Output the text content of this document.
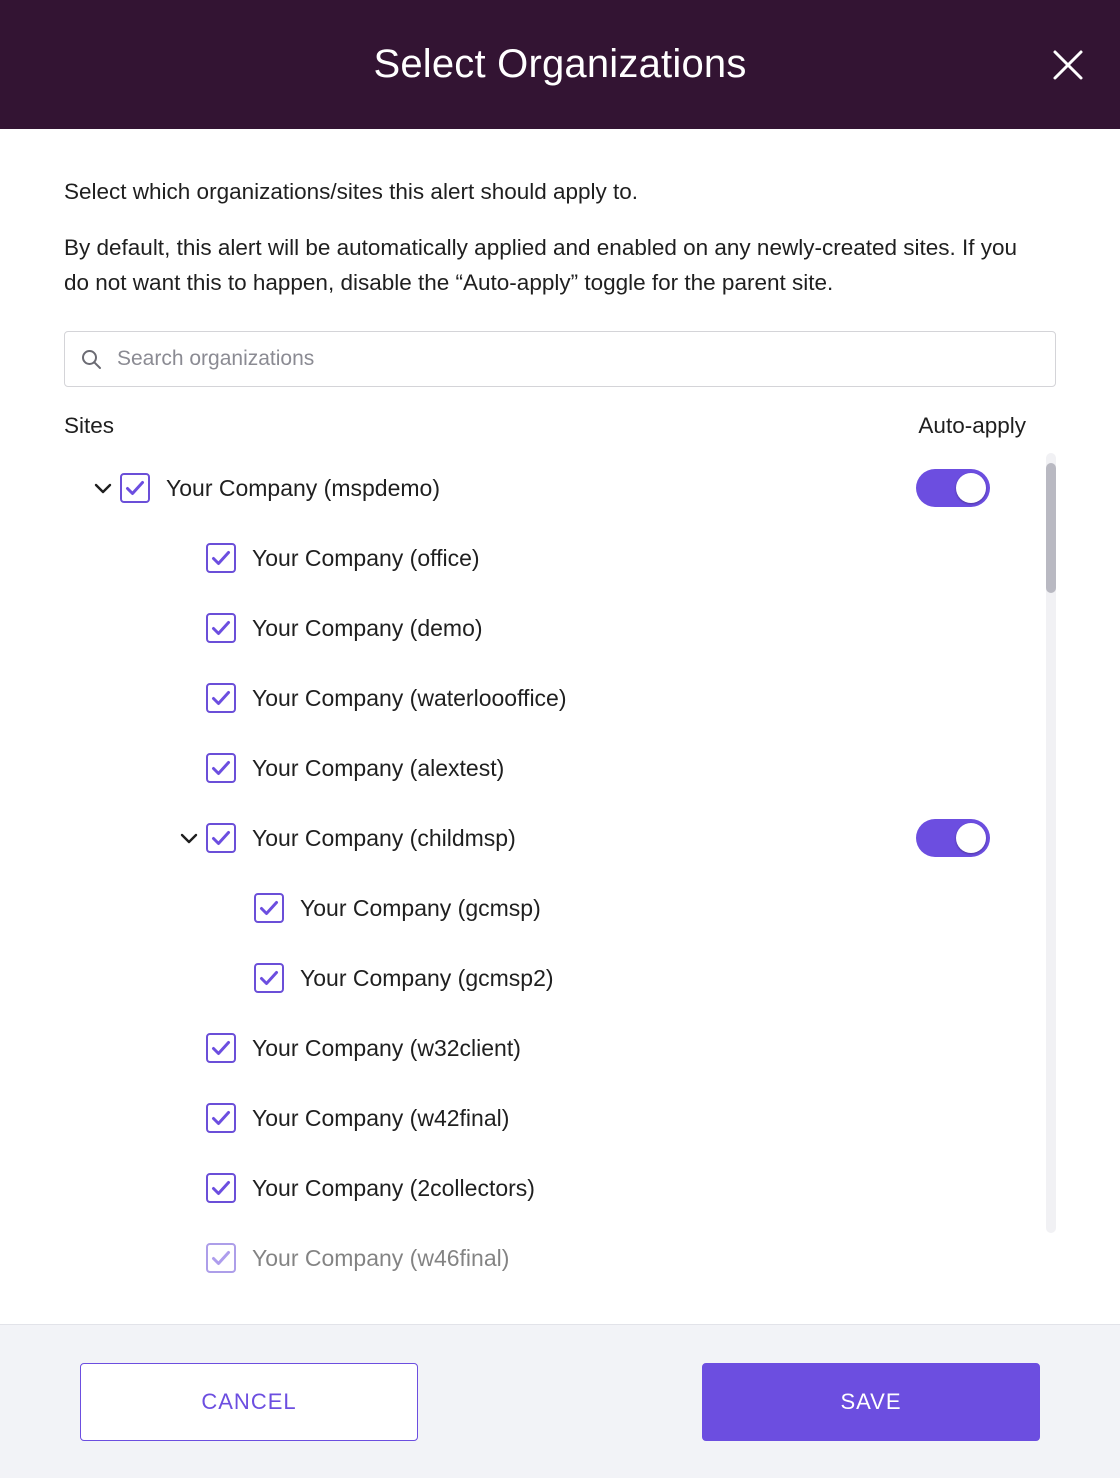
Select Organizations

Select which organizations/sites this alert should apply to.

By default, this alert will be automatically applied and enabled on any newly-created sites. If you do not want this to happen, disable the “Auto-apply” toggle for the parent site.

Search organizations
Sites	Auto-apply
Your Company (mspdemo)
Your Company (office)
Your Company (demo)
Your Company (waterloooffice)
Your Company (alextest)
Your Company (childmsp)
Your Company (gcmsp)
Your Company (gcmsp2)
Your Company (w32client)
Your Company (w42final)
Your Company (2collectors)
Your Company (w46final)
CANCEL	SAVE
